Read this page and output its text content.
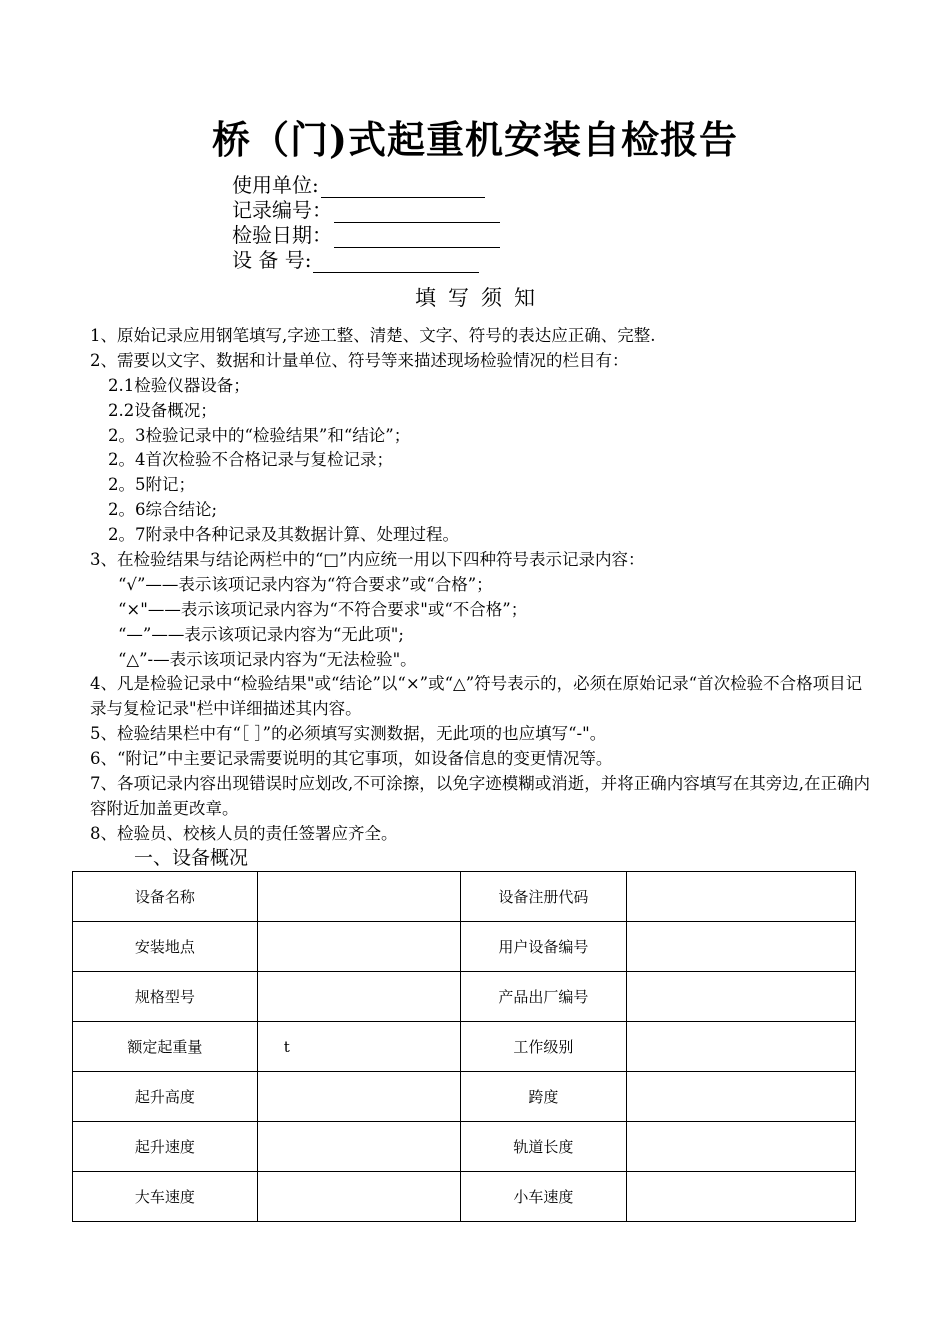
桥（门)式起重机安装自检报告
使用单位:
记录编号：
检验日期：
设 备 号:
填写须知
1、原始记录应用钢笔填写,字迹工整、清楚、文字、符号的表达应正确、完整.
2、需要以文字、数据和计量单位、符号等来描述现场检验情况的栏目有：
2.1检验仪器设备；
2.2设备概况；
2。3检验记录中的“检验结果”和“结论”；
2。4首次检验不合格记录与复检记录；
2。5附记；
2。6综合结论;
2。7附录中各种记录及其数据计算、处理过程。
3、在检验结果与结论两栏中的“□”内应统一用以下四种符号表示记录内容：
“√”——表示该项记录内容为“符合要求”或“合格”；
“×"——表示该项记录内容为“不符合要求"或“不合格”；
“—”——表示该项记录内容为“无此项";
“△”-—表示该项记录内容为“无法检验"。
4、凡是检验记录中“检验结果"或“结论”以“×”或“△”符号表示的，必须在原始记录“首次检验不合格项目记录与复检记录"栏中详细描述其内容。
5、检验结果栏中有“［ ］”的必须填写实测数据，无此项的也应填写“-"。
6、“附记”中主要记录需要说明的其它事项，如设备信息的变更情况等。
7、各项记录内容出现错误时应划改,不可涂擦，以免字迹模糊或消逝，并将正确内容填写在其旁边,在正确内容附近加盖更改章。
8、检验员、校核人员的责任签署应齐全。
一、设备概况
设备名称		设备注册代码	
安装地点		用户设备编号	
规格型号		产品出厂编号	
额定起重量	t	工作级别	
起升高度		跨度	
起升速度		轨道长度	
大车速度		小车速度	
